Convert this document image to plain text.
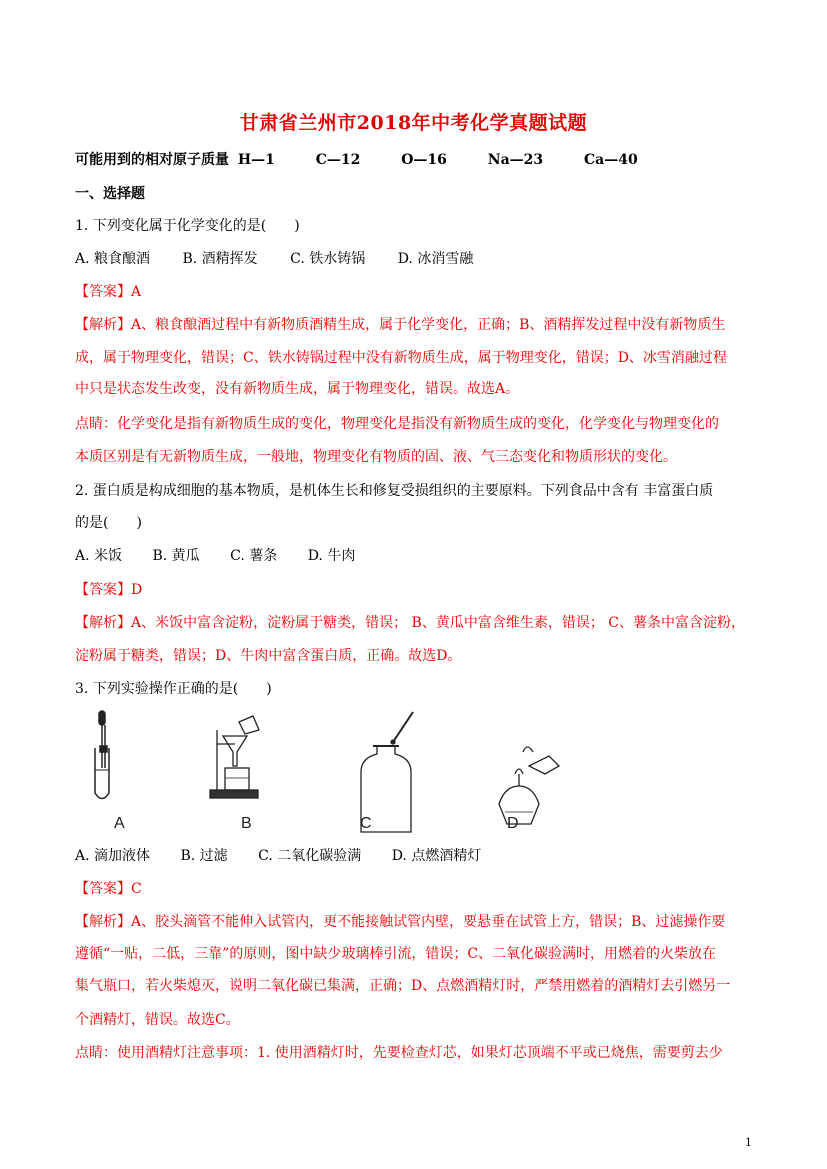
甘肃省兰州市2018年中考化学真题试题
可能用到的相对原子质量 H—1	C—12	O—16	Na—23	Ca—40
一、选择题
1. 下列变化属于化学变化的是(　　)
A. 粮食酿酒 B. 酒精挥发 C. 铁水铸锅 D. 冰消雪融
【答案】A
【解析】A、粮食酿酒过程中有新物质酒精生成，属于化学变化，正确；B、酒精挥发过程中没有新物质生
成，属于物理变化，错误；C、铁水铸锅过程中没有新物质生成，属于物理变化，错误；D、冰雪消融过程
中只是状态发生改变，没有新物质生成，属于物理变化，错误。故选A。
点睛：化学变化是指有新物质生成的变化，物理变化是指没有新物质生成的变化，化学变化与物理变化的
本质区别是有无新物质生成，一般地，物理变化有物质的固、液、气三态变化和物质形状的变化。
2. 蛋白质是构成细胞的基本物质，是机体生长和修复受损组织的主要原料。下列食品中含有 丰富蛋白质
的是(　　)
A. 米饭 B. 黄瓜 C. 薯条 D. 牛肉
【答案】D
【解析】A、米饭中富含淀粉，淀粉属于糖类，错误； B、黄瓜中富含维生素，错误； C、薯条中富含淀粉，
淀粉属于糖类，错误；D、牛肉中富含蛋白质，正确。故选D。
3. 下列实验操作正确的是(　　)
A	B	C	D
A. 滴加液体 B. 过滤 C. 二氧化碳验满 D. 点燃酒精灯
【答案】C
【解析】A、胶头滴管不能伸入试管内，更不能接触试管内壁，要悬垂在试管上方，错误；B、过滤操作要
遵循“一贴，二低，三靠”的原则，图中缺少玻璃棒引流，错误；C、二氧化碳验满时，用燃着的火柴放在
集气瓶口，若火柴熄灭，说明二氧化碳已集满，正确；D、点燃酒精灯时，严禁用燃着的酒精灯去引燃另一
个酒精灯，错误。故选C。
点睛：使用酒精灯注意事项：1. 使用酒精灯时，先要检查灯芯，如果灯芯顶端不平或已烧焦，需要剪去少
1
